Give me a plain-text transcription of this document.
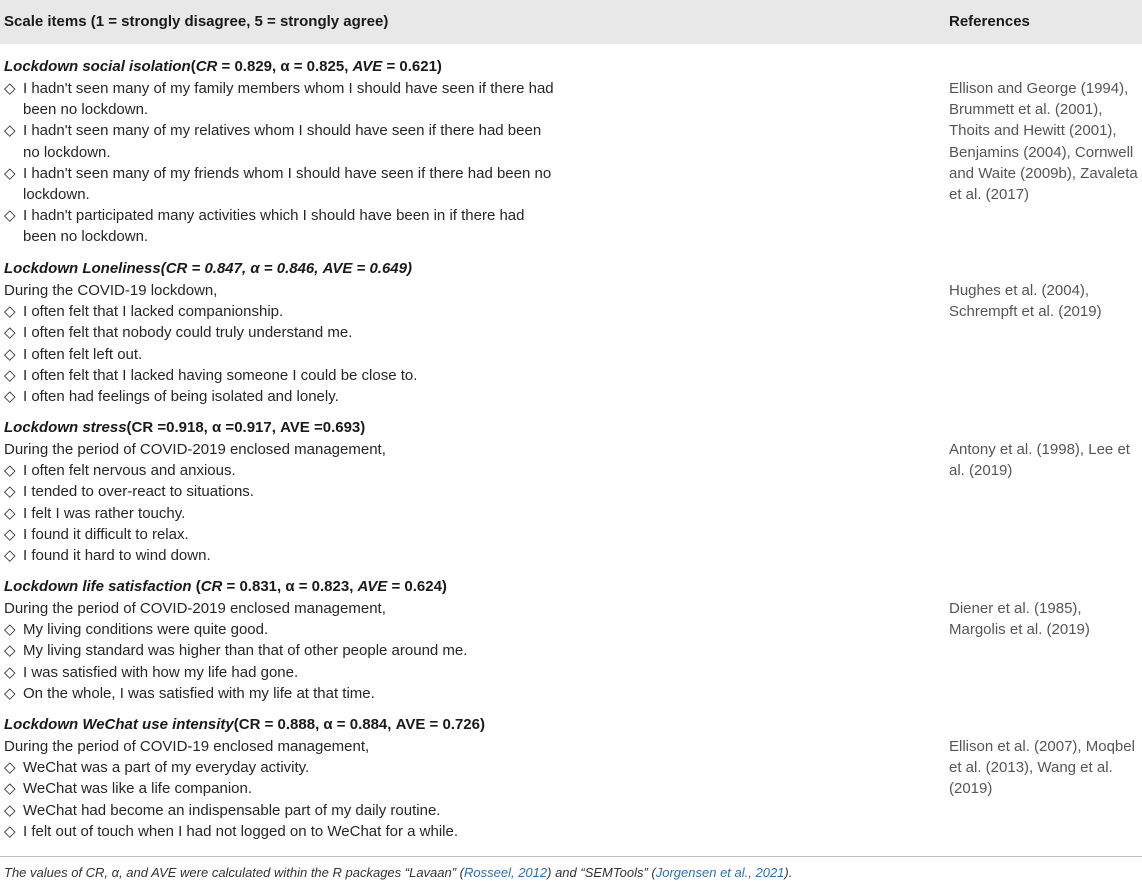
Scale items (1 = strongly disagree, 5 = strongly agree)	References
Lockdown social isolation(CR = 0.829, α = 0.825, AVE = 0.621)
◇ I hadn't seen many of my family members whom I should have seen if there had been no lockdown.
◇ I hadn't seen many of my relatives whom I should have seen if there had been no lockdown.
◇ I hadn't seen many of my friends whom I should have seen if there had been no lockdown.
◇ I hadn't participated many activities which I should have been in if there had been no lockdown.
Ellison and George (1994), Brummett et al. (2001), Thoits and Hewitt (2001), Benjamins (2004), Cornwell and Waite (2009b), Zavaleta et al. (2017)
Lockdown Loneliness(CR = 0.847, α = 0.846, AVE = 0.649)
During the COVID-19 lockdown,
◇ I often felt that I lacked companionship.
◇ I often felt that nobody could truly understand me.
◇ I often felt left out.
◇ I often felt that I lacked having someone I could be close to.
◇ I often had feelings of being isolated and lonely.
Hughes et al. (2004), Schrempft et al. (2019)
Lockdown stress(CR =0.918, α =0.917, AVE =0.693)
During the period of COVID-2019 enclosed management,
◇ I often felt nervous and anxious.
◇ I tended to over-react to situations.
◇ I felt I was rather touchy.
◇ I found it difficult to relax.
◇ I found it hard to wind down.
Antony et al. (1998), Lee et al. (2019)
Lockdown life satisfaction (CR = 0.831, α = 0.823, AVE = 0.624)
During the period of COVID-2019 enclosed management,
◇ My living conditions were quite good.
◇ My living standard was higher than that of other people around me.
◇ I was satisfied with how my life had gone.
◇ On the whole, I was satisfied with my life at that time.
Diener et al. (1985), Margolis et al. (2019)
Lockdown WeChat use intensity(CR = 0.888, α = 0.884, AVE = 0.726)
During the period of COVID-19 enclosed management,
◇ WeChat was a part of my everyday activity.
◇ WeChat was like a life companion.
◇ WeChat had become an indispensable part of my daily routine.
◇ I felt out of touch when I had not logged on to WeChat for a while.
Ellison et al. (2007), Moqbel et al. (2013), Wang et al. (2019)
The values of CR, α, and AVE were calculated within the R packages “Lavaan” (Rosseel, 2012) and “SEMTools” (Jorgensen et al., 2021).
